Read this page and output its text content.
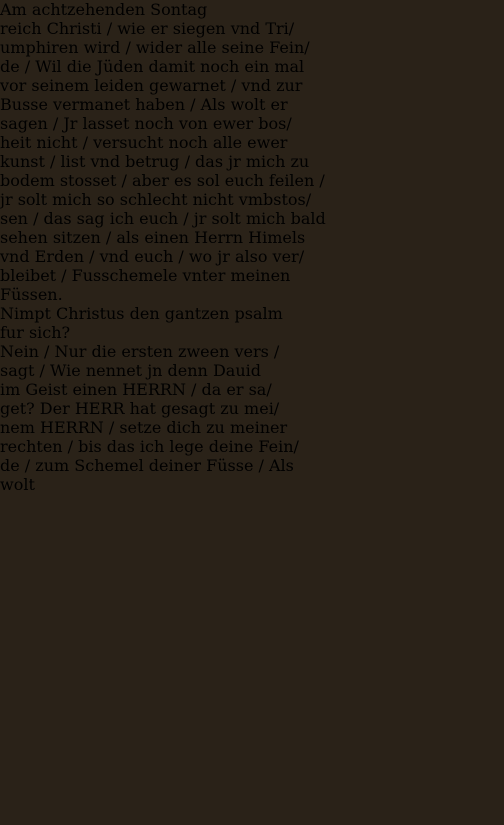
Am achtzehenden Sontag
reich Christi / wie er siegen vnd Tri/
umphiren wird / wider alle seine Fein/
de / Wil die Jüden damit noch ein mal
vor seinem leiden gewarnet / vnd zur
Busse vermanet haben / Als wolt er
sagen / Jr lasset noch von ewer bos/
heit nicht / versucht noch alle ewer
kunst / list vnd betrug / das jr mich zu
bodem stosset / aber es sol euch feilen /
jr solt mich so schlecht nicht vmbstos/
sen / das sag ich euch / jr solt mich bald
sehen sitzen / als einen Herrn Himels
vnd Erden / vnd euch / wo jr also ver/
bleibet / Fusschemele vnter meinen
Füssen.
Nimpt Christus den gantzen psalm
fur sich?
Nein / Nur die ersten zween vers /
sagt / Wie nennet jn denn Dauid
im Geist einen HERRN / da er sa/
get? Der HERR hat gesagt zu mei/
nem HERRN / setze dich zu meiner
rechten / bis das ich lege deine Fein/
de / zum Schemel deiner Füsse / Als
wolt
